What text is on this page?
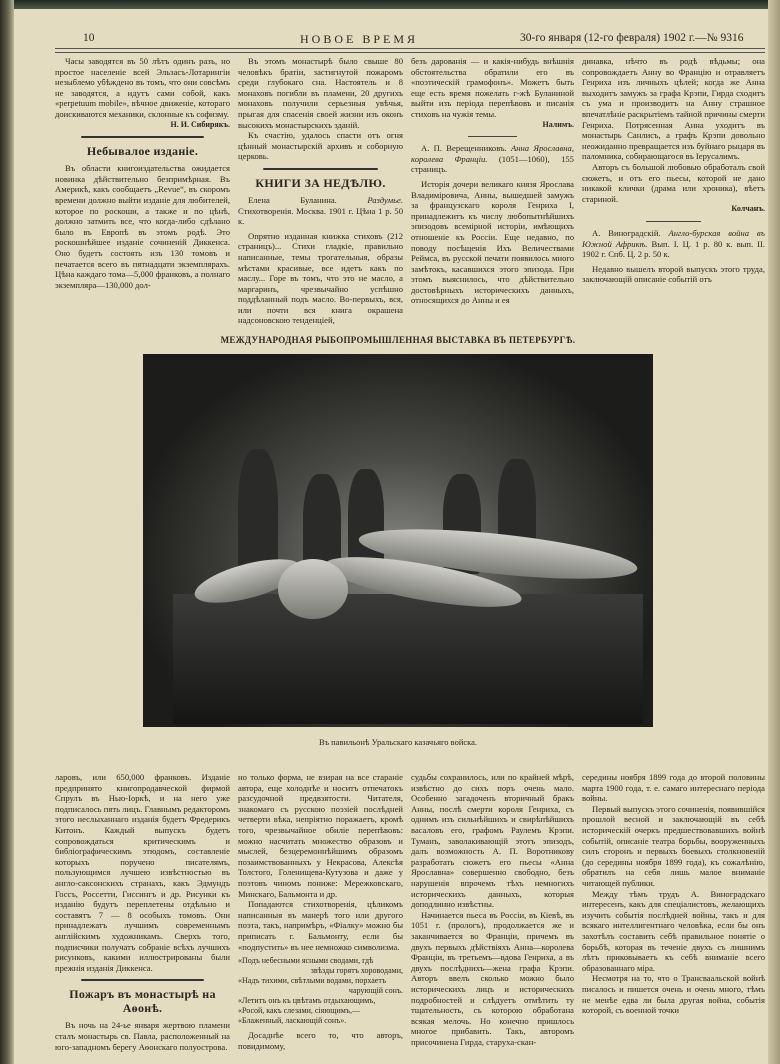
10	НОВОЕ ВРЕМЯ	30-го января (12-го февраля) 1902 г.—№ 9316

Часы заводятся въ 50 лѣтъ одинъ разъ, но простое населеніе всей Эльзасъ-Лотарингіи незыблемо убѣждено въ томъ, что они совсѣмъ не заводятся, а идутъ сами собой, какъ «perpetuum mobile», вѣчное движеніе, котораго доискиваются механики, склонные къ софизму.

Н. И. Сибирякъ.
Небывалое изданіе.

Въ области книгоиздательства ожидается новинка дѣйствительно безпримѣрная. Въ Америкѣ, какъ сообщаетъ „Revue“, въ скоромъ времени должно выйти изданіе для любителей, которое по роскоши, а также и по цѣнѣ, должно затмить все, что когда-либо сдѣлано было въ Европѣ въ этомъ родѣ. Это роскошнѣйшее изданіе сочиненій Диккенса. Оно будетъ состоять изъ 130 томовъ и печатается всего въ пятнадцати экземплярахъ. Цѣна каждаго тома—5,000 франковъ, а полнаго экземпляра—130,000 дол-

Въ этомъ монастырѣ было свыше 80 человѣкъ братіи, застигнутой пожаромъ среди глубокаго сна. Настоятель и 8 монаховъ погибли въ пламени, 20 другихъ монаховъ получили серьезныя увѣчья, прыгая для спасенія своей жизни изъ оконъ высокихъ монастырскихъ зданій.

Къ счастію, удалось спасти отъ огня цѣнный монастырскій архивъ и соборную церковь.

КНИГИ ЗА НЕДѢЛЮ.

Елена Буланина.	Раздумье. Стихотворенія. Москва. 1901 г. Цѣна 1 р. 50 к.

Опрятно изданная книжка стиховъ (212 страницъ)... Стихи гладкіе, правильно написанные, темы трогательныя, образы мѣстами красивые, все идетъ какъ по маслу... Горе въ томъ, что это не масло, а маргаринъ, чрезвычайно успѣшно поддѣланный подъ масло. Во-первыхъ, вся, или почти вся книга окрашена надсоновскою тенденціей,

безъ дарованія — и какія-нибудь внѣшнія обстоятельства обратили его въ «поэтическій грамофонъ». Можетъ быть еще есть время пожелать г-жѣ Буланиной выйти изъ періода перепѣвовъ и писанія стиховъ на чужія темы.

Налимъ.

А. П. Верещенниковъ. Анна Ярославна, королева Франціи. (1051—1060), 155 страницъ.

Исторія дочери великаго князя Ярослава Владиміровича, Анны, вышедшей замужъ за французскаго короля Генриха I, принадлежитъ къ числу любопытнѣйшихъ эпизодовъ всемірной исторіи, имѣющихъ отношеніе къ Россіи. Еще недавно, по поводу посѣщенія Ихъ Величествами Реймса, въ русской печати появилось много замѣтокъ, касавшихся этого эпизода. При этомъ выяснилось, что дѣйствительно достовѣрныхъ историческихъ данныхъ, относящихся до Анны и ея

динавка, нѣчто въ родѣ вѣдьмы; она сопровождаетъ Анну во Францію и отравляетъ Генриха изъ личныхъ цѣлей; когда же Анна выходитъ замужъ за графа Крэпи, Гирда сходитъ съ ума и производитъ на Анну страшное впечатлѣніе раскрытіемъ тайной причины смерти Генриха. Потрясенная Анна уходитъ въ монастырь Санлисъ, а графъ Крэпи довольно неожиданно превращается изъ буйнаго рыцаря въ паломника, собирающагося въ Іерусалимъ.

Авторъ съ большой любовью обработалъ свой сюжетъ, и отъ его пьесы, которой не дано никакой клички (драма или хроника), вѣетъ стариной.

Колчанъ.

А. Виноградскій. Англо-бурская война въ Южной Африкѣ. Вып. I. Ц. 1 р. 80 к. вып. II. 1902 г. Спб. Ц. 2 р. 50 к.

Недавно вышелъ второй выпускъ этого труда, заключающій описаніе событій отъ

МЕЖДУНАРОДНАЯ РЫБОПРОМЫШЛЕННАЯ ВЫСТАВКА ВЪ ПЕТЕРБУРГѢ.
Въ павильонѣ Уральскаго казачьяго войска.

ларовъ, или 650,000 франковъ. Изданіе предпринято книгопродавческой фирмой Спрулъ въ Нью-Іоркѣ, и на него уже подписалось пять лицъ. Главнымъ редакторомъ этого неслыханнаго изданія будетъ Фредерикъ Китонъ. Каждый выпускъ будетъ сопровождаться критическимъ и библіографическимъ этюдомъ, составленіе которыхъ поручено писателямъ, пользующимся лучшею извѣстностью въ англо-саксонскихъ странахъ, какъ Эдмундъ Госсъ, Россетти, Гиссингъ и др. Рисунки къ изданію будутъ переплетены отдѣльно и составятъ 7 — 8 особыхъ томовъ. Они принадлежатъ лучшимъ современнымъ англійскимъ художникамъ. Сверхъ того, подписчики получатъ собраніе всѣхъ лучшихъ рисунковъ, какими иллюстрированы были прежнія изданія Диккенса.

Пожаръ въ монастырѣ на Аѳонѣ.

Въ ночь на 24-ье января жертвою пламени сталъ монастырь св. Павла, расположенный на юго-западномъ берегу Аѳонскаго полуострова.

но только форма, не взирая на все стараніе автора, еще холоднѣе и носитъ отпечатокъ разсудочной предвзятости. Читателя, знакомаго съ русскою поэзіей послѣдней четверти вѣка, непріятно поражаетъ, кромѣ того, чрезвычайное обиліе перепѣвовъ: можно насчитать множество образовъ и мыслей, безцеремоннѣйшимъ образомъ позаимствованныхъ у Некрасова, Алексѣя Толстого, Голенищева-Кутузова и даже у поэтовъ чиномъ пониже: Мережковскаго, Минскаго, Бальмонта и др.

Попадаются стихотворенія, цѣликомъ написанныя въ манерѣ того или другого поэта, такъ, напримѣръ, «Фіалку» можно бы приписать г. Бальмонту, если бы «подпустить» въ нее немножко символизма.

«Подъ небесными ясными сводами, гдѣ
звѣзды горятъ хороводами,
«Надъ тихими, свѣтлыми водами, порхаетъ
чарующій сонъ.
«Летитъ онъ къ цвѣтамъ отдыхающимъ,
«Росой, какъ слезами, сіяющимъ,—
«Блаженный, ласкающій сонъ».

Досаднѣе всего то, что авторъ, повидимому,

судьбы сохранилось, или по крайней мѣрѣ, извѣстно до сихъ поръ очень мало. Особенно загадоченъ вторичный бракъ Анны, послѣ смерти короля Генриха, съ однимъ изъ сильнѣйшихъ и свирѣпѣйшихъ васаловъ его, графомъ Раулемъ Крэпи. Туманъ, заволакивающій этотъ эпизодъ, далъ возможность А. П. Воротникову разработать сюжетъ его пьесы «Анна Ярославна» совершенно свободно, безъ нарушенія впрочемъ тѣхъ немногихъ историческихъ данныхъ, которыя доподлинно извѣстны.

Начинается пьеса въ Россіи, въ Кіевѣ, въ 1051 г. (прологъ), продолжается же и заканчивается во Франціи, причемъ въ двухъ первыхъ дѣйствіяхъ Анна—королева Франціи, въ третьемъ—вдова Генриха, а въ двухъ послѣднихъ—жена графа Крэпи. Авторъ ввелъ сколько можно было историческихъ лицъ и историческихъ подробностей и слѣдуетъ отмѣтить ту тщательность, съ которою обработана всякая мелочь. Но конечно пришлось многое прибавить. Такъ, авторомъ присочинена Гирда, старуха-скан-

середины ноября 1899 года до второй половины марта 1900 года, т. е. самаго интереснаго періода войны.

Первый выпускъ этого сочиненія, появившійся прошлой весной и заключающій въ себѣ историческій очеркъ предшествовавшихъ войнѣ событій, описаніе театра борьбы, вооруженныхъ силъ сторонъ и первыхъ боевыхъ столкновеній (до середины ноября 1899 года), къ сожалѣнію, обратилъ на себя лишь малое вниманіе читающей публики.

Между тѣмъ трудъ А. Виноградскаго интересенъ, какъ для спеціалистовъ, желающихъ изучить событія послѣдней войны, такъ и для всякаго интеллигентнаго человѣка, если бы онъ захотѣлъ составить себѣ правильное понятіе о борьбѣ, которая въ теченіе двухъ съ лишнимъ лѣтъ приковываетъ къ себѣ вниманіе всего образованнаго міра.

Несмотря на то, что о Трансваальской войнѣ писалось и пишется очень и очень много, тѣмъ не менѣе едва ли была другая война, событія которой, съ военной точки
